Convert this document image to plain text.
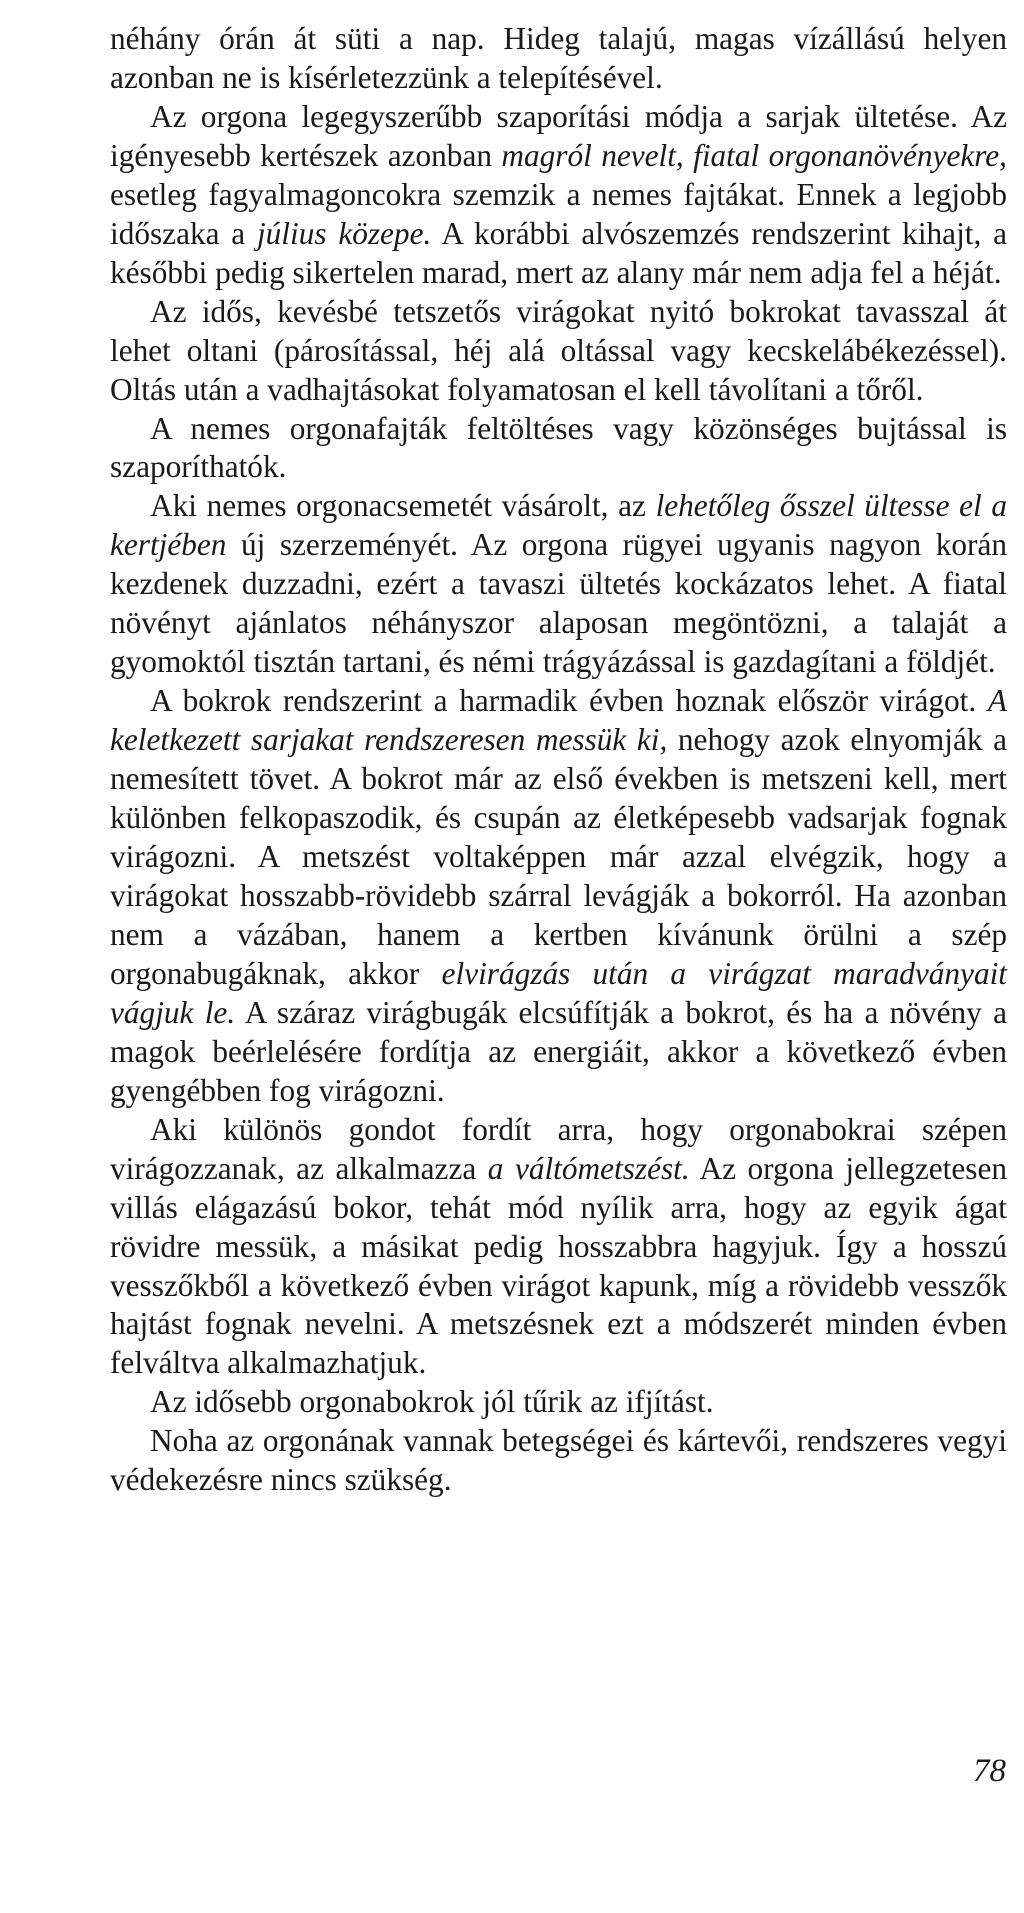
néhány órán át süti a nap. Hideg talajú, magas vízállású helyen azonban ne is kísérletezzünk a telepítésével.

Az orgona legegyszerűbb szaporítási módja a sarjak ültetése. Az igényesebb kertészek azonban magról nevelt, fiatal orgonanövényekre, esetleg fagyalmagoncokra szemzik a nemes fajtákat. Ennek a legjobb időszaka a július közepe. A korábbi alvószemzés rendszerint kihajt, a későbbi pedig sikertelen marad, mert az alany már nem adja fel a héját.

Az idős, kevésbé tetszetős virágokat nyitó bokrokat tavasszal át lehet oltani (párosítással, héj alá oltással vagy kecskelábékezéssel). Oltás után a vadhajtásokat folyamatosan el kell távolítani a tőről.

A nemes orgonafajták feltöltéses vagy közönséges bujtással is szaporíthatók.

Aki nemes orgonacsemetét vásárolt, az lehetőleg ősszel ültesse el a kertjében új szerzeményét. Az orgona rügyei ugyanis nagyon korán kezdenek duzzadni, ezért a tavaszi ültetés kockázatos lehet. A fiatal növényt ajánlatos néhányszor alaposan megöntözni, a talaját a gyomoktól tisztán tartani, és némi trágyázással is gazdagítani a földjét.

A bokrok rendszerint a harmadik évben hoznak először virágot. A keletkezett sarjakat rendszeresen messük ki, nehogy azok elnyomják a nemesített tövet. A bokrot már az első években is metszeni kell, mert különben felkopaszodik, és csupán az életképesebb vadsarjak fognak virágozni. A metszést voltaképpen már azzal elvégzik, hogy a virágokat hosszabb-rövidebb szárral levágják a bokorról. Ha azonban nem a vázában, hanem a kertben kívánunk örülni a szép orgonabugáknak, akkor elvirágzás után a virágzat maradványait vágjuk le. A száraz virágbugák elcsúfítják a bokrot, és ha a növény a magok beérlelésére fordítja az energiáit, akkor a következő évben gyengébben fog virágozni.

Aki különös gondot fordít arra, hogy orgonabokrai szépen virágozzanak, az alkalmazza a váltómetszést. Az orgona jellegzetesen villás elágazású bokor, tehát mód nyílik arra, hogy az egyik ágat rövidre messük, a másikat pedig hosszabbra hagyjuk. Így a hosszú vesszőkből a következő évben virágot kapunk, míg a rövidebb vesszők hajtást fognak nevelni. A metszésnek ezt a módszerét minden évben felváltva alkalmazhatjuk.

Az idősebb orgonabokrok jól tűrik az ifjítást.

Noha az orgonának vannak betegségei és kártevői, rendszeres vegyi védekezésre nincs szükség.

78
